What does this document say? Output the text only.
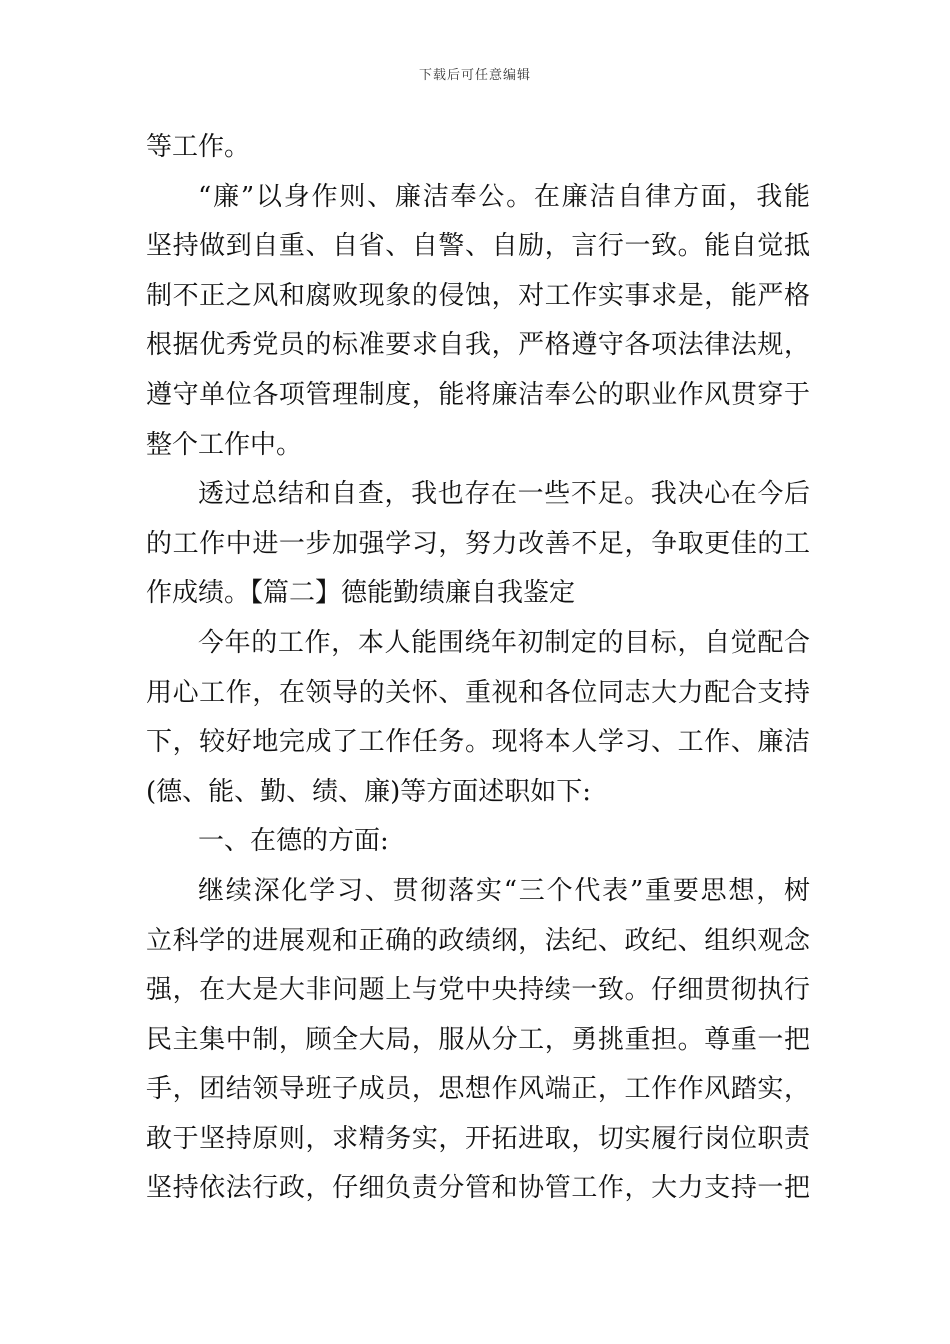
下载后可任意编辑
等工作。
“廉”以身作则、廉洁奉公。在廉洁自律方面，我能
坚持做到自重、自省、自警、自励，言行一致。能自觉抵
制不正之风和腐败现象的侵蚀，对工作实事求是，能严格
根据优秀党员的标准要求自我，严格遵守各项法律法规，
遵守单位各项管理制度，能将廉洁奉公的职业作风贯穿于
整个工作中。
透过总结和自查，我也存在一些不足。我决心在今后
的工作中进一步加强学习，努力改善不足，争取更佳的工
作成绩。【篇二】德能勤绩廉自我鉴定
今年的工作，本人能围绕年初制定的目标，自觉配合
用心工作，在领导的关怀、重视和各位同志大力配合支持
下，较好地完成了工作任务。现将本人学习、工作、廉洁
(德、能、勤、绩、廉)等方面述职如下:
一、在德的方面:
继续深化学习、贯彻落实“三个代表”重要思想，树
立科学的进展观和正确的政绩纲，法纪、政纪、组织观念
强，在大是大非问题上与党中央持续一致。仔细贯彻执行
民主集中制，顾全大局，服从分工，勇挑重担。尊重一把
手，团结领导班子成员，思想作风端正，工作作风踏实，
敢于坚持原则，求精务实，开拓进取，切实履行岗位职责
坚持依法行政，仔细负责分管和协管工作，大力支持一把
